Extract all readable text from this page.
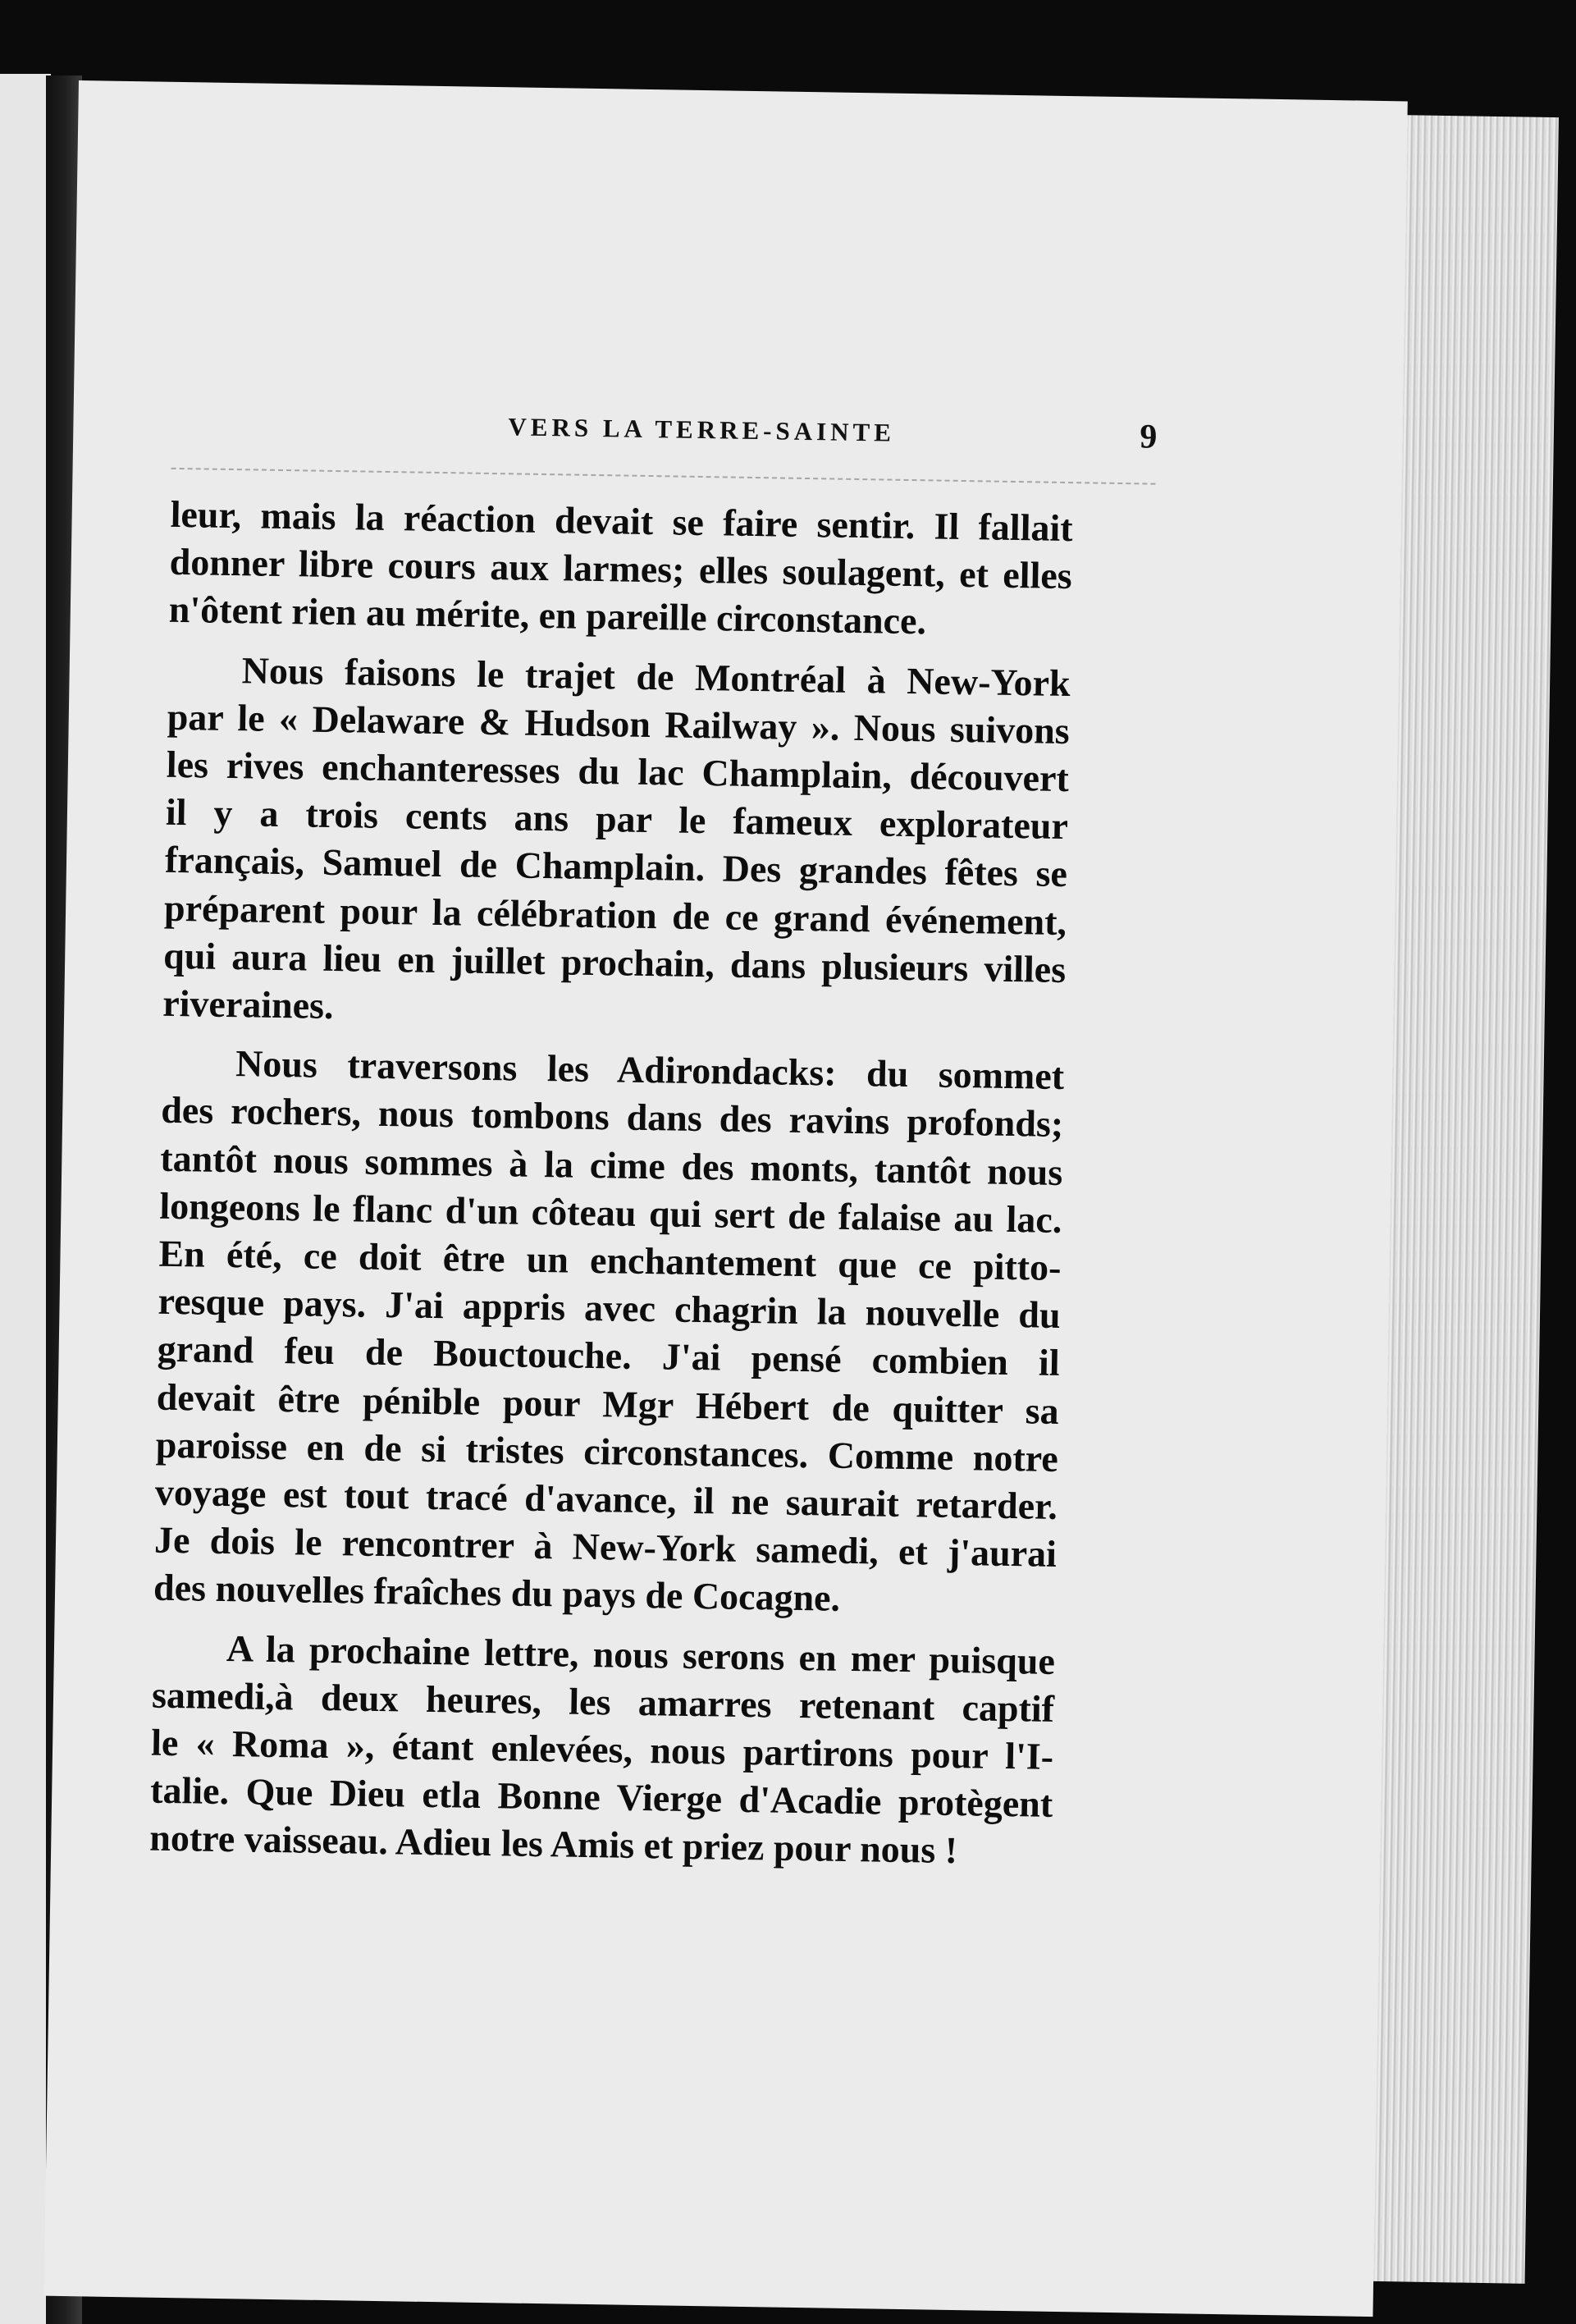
VERS LA TERRE-SAINTE	9
leur, mais la réaction devait se faire sentir. Il fallait
donner libre cours aux larmes; elles soulagent, et elles
n'ôtent rien au mérite, en pareille circonstance.
Nous faisons le trajet de Montréal à New-York
par le « Delaware & Hudson Railway ». Nous suivons
les rives enchanteresses du lac Champlain, découvert
il y a trois cents ans par le fameux explorateur
français, Samuel de Champlain. Des grandes fêtes se
préparent pour la célébration de ce grand événement,
qui aura lieu en juillet prochain, dans plusieurs villes
riveraines.
Nous traversons les Adirondacks: du sommet
des rochers, nous tombons dans des ravins profonds;
tantôt nous sommes à la cime des monts, tantôt nous
longeons le flanc d'un côteau qui sert de falaise au lac.
En été, ce doit être un enchantement que ce pitto-
resque pays. J'ai appris avec chagrin la nouvelle du
grand feu de Bouctouche. J'ai pensé combien il
devait être pénible pour Mgr Hébert de quitter sa
paroisse en de si tristes circonstances. Comme notre
voyage est tout tracé d'avance, il ne saurait retarder.
Je dois le rencontrer à New-York samedi, et j'aurai
des nouvelles fraîches du pays de Cocagne.
A la prochaine lettre, nous serons en mer puisque
samedi,à deux heures, les amarres retenant captif
le « Roma », étant enlevées, nous partirons pour l'I-
talie. Que Dieu etla Bonne Vierge d'Acadie protègent
notre vaisseau. Adieu les Amis et priez pour nous !
